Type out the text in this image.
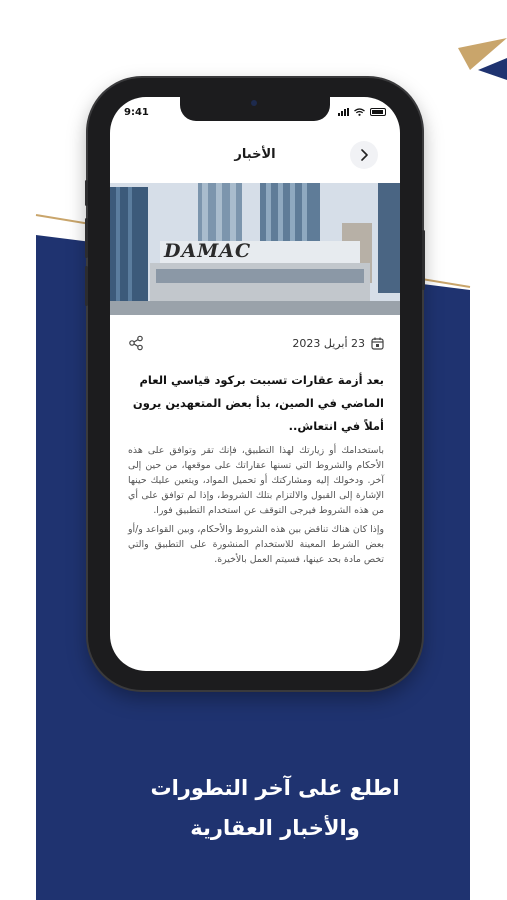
9:41
الأخبار
DAMAC
23 أبريل 2023
بعد أزمة عقارات تسببت بركود قياسي العام الماضي في الصين، بدأ بعض المتعهدين يرون أملاً في انتعاش..

باستخدامك أو زيارتك لهذا التطبيق، فإنك تقر وتوافق على هذه الأحكام والشروط التي تسنها عقاراتك على موقعها، من حين إلى آخر. ودخولك إليه ومشاركتك أو تحميل المواد، ويتعين عليك حينها الإشارة إلى القبول والالتزام بتلك الشروط، وإذا لم توافق على أي من هذه الشروط فيرجى التوقف عن استخدام التطبيق فورا.

وإذا كان هناك تناقض بين هذه الشروط والأحكام، وبين القواعد و/أو بعض الشرط المعينة للاستخدام المنشورة على التطبيق والتي تخص مادة بحد عينها، فسيتم العمل بالأخيرة.

اطلع على آخر التطورات
والأخبار العقارية
